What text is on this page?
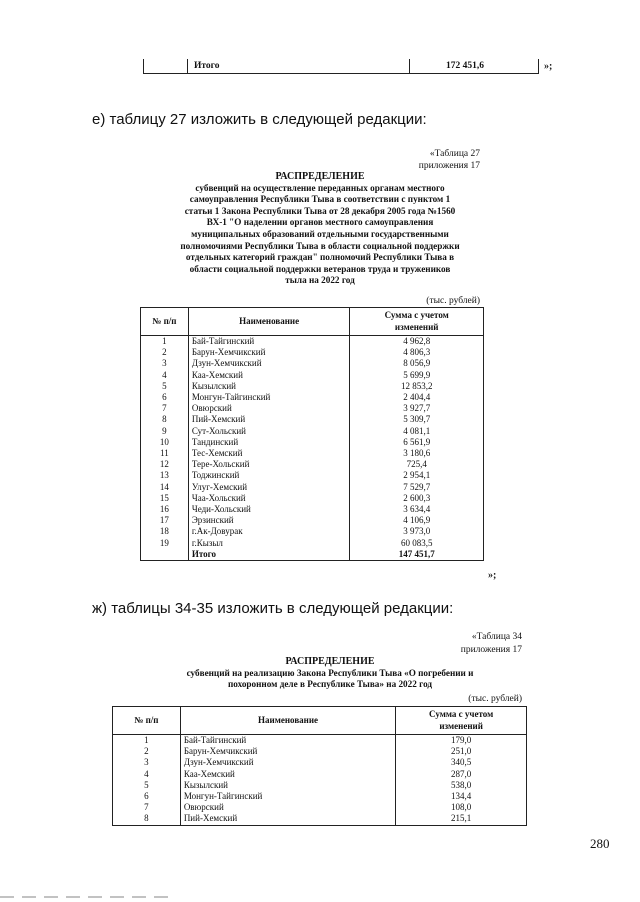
Итого	172 451,6	»;
е) таблицу 27 изложить в следующей редакции:
«Таблица 27
приложения 17
РАСПРЕДЕЛЕНИЕ
субвенций на осуществление переданных органам местного
самоуправления Республики Тыва в соответствии с пунктом 1
статьи 1 Закона Республики Тыва от 28 декабря 2005 года №1560
ВХ-1 "О наделении органов местного самоуправления
муниципальных образований отдельными государственными
полномочиями Республики Тыва в области социальной поддержки
отдельных категорий граждан" полномочий Республики Тыва в
области социальной поддержки ветеранов труда и тружеников
тыла на 2022 год
(тыс. рублей)
№ п/п	Наименование	Сумма с учетом
изменений

1	Бай-Тайгинский	4 962,8
2	Барун-Хемчикский	4 806,3
3	Дзун-Хемчикский	8 056,9
4	Каа-Хемский	5 699,9
5	Кызылский	12 853,2
6	Монгун-Тайгинский	2 404,4
7	Овюрский	3 927,7
8	Пий-Хемский	5 309,7
9	Сут-Хольский	4 081,1
10	Тандинский	6 561,9
11	Тес-Хемский	3 180,6
12	Тере-Хольский	725,4
13	Тоджинский	2 954,1
14	Улуг-Хемский	7 529,7
15	Чаа-Хольский	2 600,3
16	Чеди-Хольский	3 634,4
17	Эрзинский	4 106,9
18	г.Ак-Довурак	3 973,0
19	г.Кызыл	60 083,5
	Итого	147 451,7
»;
ж) таблицы 34-35 изложить в следующей редакции:
«Таблица 34
приложения 17
РАСПРЕДЕЛЕНИЕ
субвенций на реализацию Закона Республики Тыва «О погребении и
похоронном деле в Республике Тыва» на 2022 год
(тыс. рублей)
№ п/п	Наименование	Сумма с учетом
изменений

1	Бай-Тайгинский	179,0
2	Барун-Хемчикский	251,0
3	Дзун-Хемчикский	340,5
4	Каа-Хемский	287,0
5	Кызылский	538,0
6	Монгун-Тайгинский	134,4
7	Овюрский	108,0
8	Пий-Хемский	215,1
280
